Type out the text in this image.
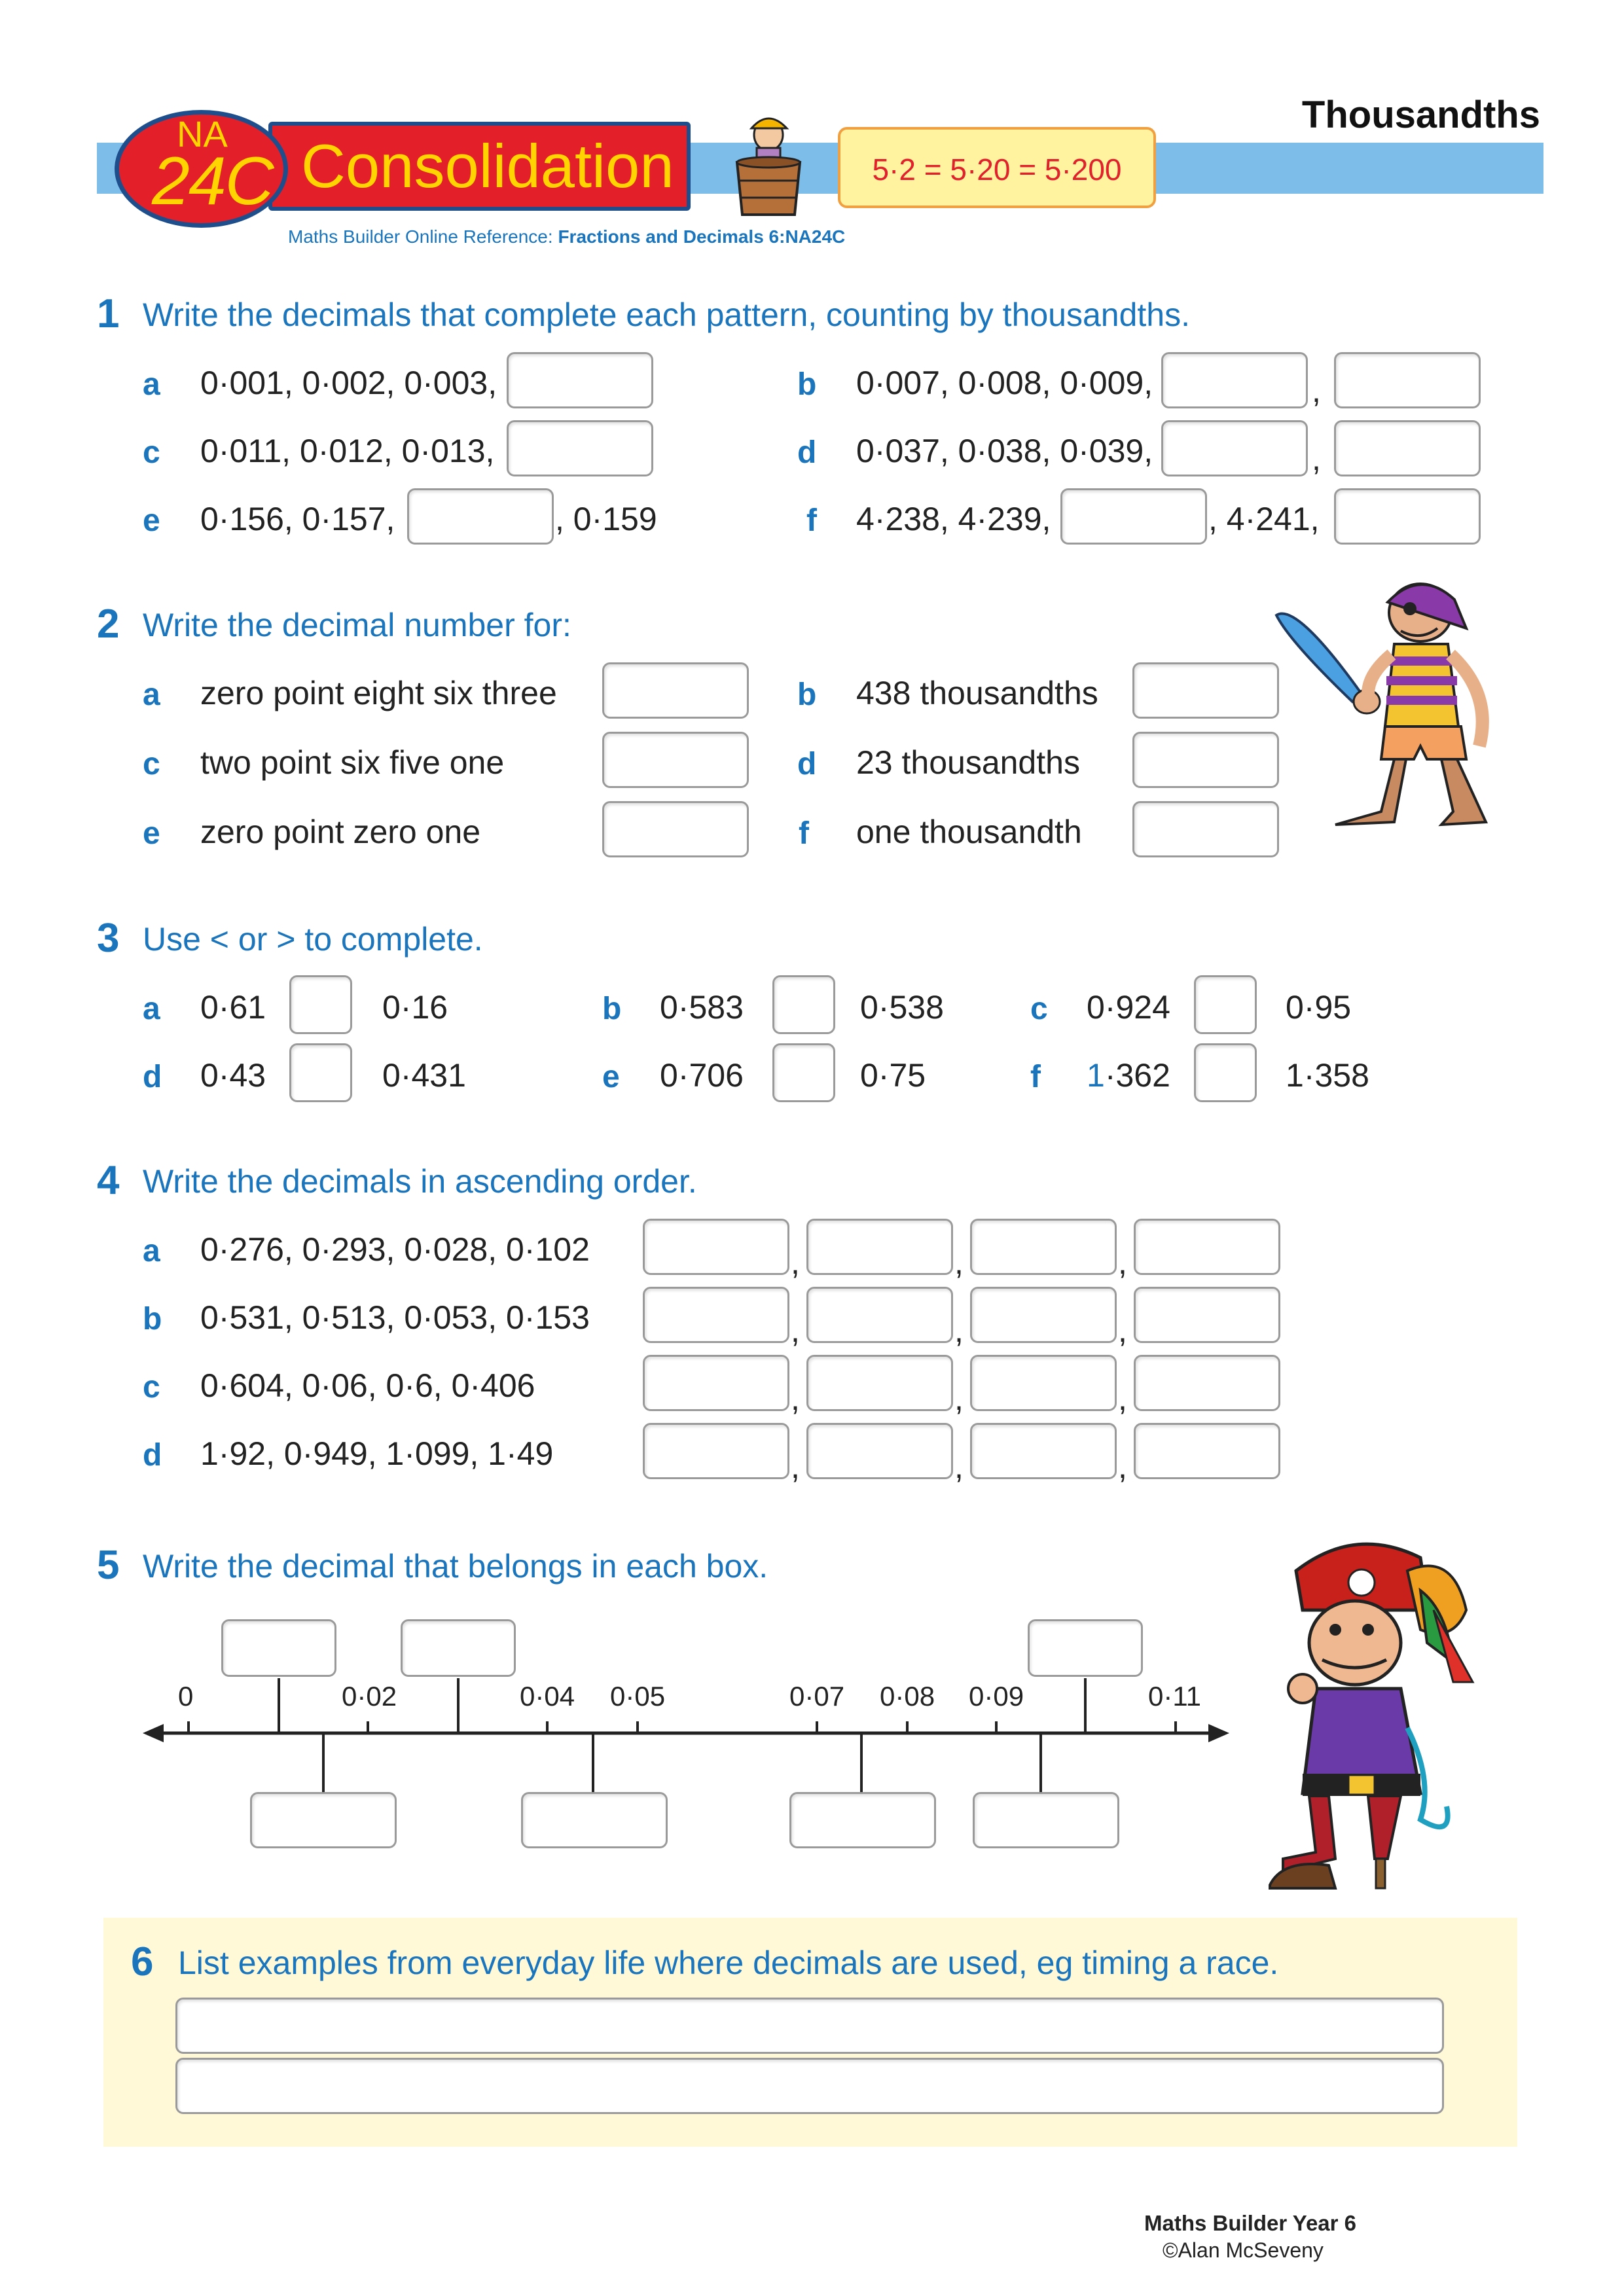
Thousandths
NA
24C Consolidation	5·2 = 5·20 = 5·200
Maths Builder Online Reference: Fractions and Decimals 6:NA24C
1 Write the decimals that complete each pattern, counting by thousandths.
a 0·001, 0·002, 0·003,	b 0·007, 0·008, 0·009,	,
c 0·011, 0·012, 0·013,	d 0·037, 0·038, 0·039,	,
e 0·156, 0·157,	, 0·159	f 4·238, 4·239,	, 4·241,
2 Write the decimal number for:
a zero point eight six three	b 438 thousandths
c two point six five one	d 23 thousandths
e zero point zero one	f one thousandth
3 Use < or > to complete.
a 0·61	0·16	b 0·583	0·538	c 0·924	0·95
d 0·43	0·431	e 0·706	0·75	f 1·362	1·358
4 Write the decimals in ascending order.
a 0·276, 0·293, 0·028, 0·102	,	,	,
b 0·531, 0·513, 0·053, 0·153	,	,	,
c 0·604, 0·06, 0·6, 0·406	,	,	,
d 1·92, 0·949, 1·099, 1·49	,	,	,
5 Write the decimal that belongs in each box.
0	0·02	0·04 0·05	0·07 0·08 0·09	0·11
6 List examples from everyday life where decimals are used, eg timing a race.
Maths Builder Year 6
©Alan McSeveny
